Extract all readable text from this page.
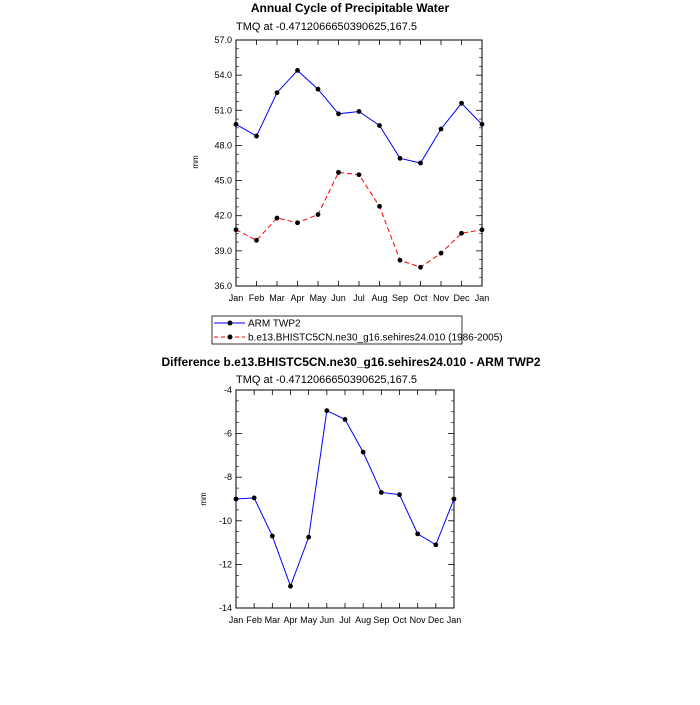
Annual Cycle of Precipitable Water
TMQ at -0.4712066650390625,167.5
mm
Jan Feb Mar Apr May Jun Jul Aug Sep Oct Nov Dec Jan
36.0
39.0
42.0
45.0
48.0
51.0
54.0
57.0
ARM TWP2
b.e13.BHISTC5CN.ne30_g16.sehires24.010 (1986-2005)
Difference b.e13.BHISTC5CN.ne30_g16.sehires24.010 - ARM TWP2
TMQ at -0.4712066650390625,167.5
mm
Jan Feb Mar Apr May Jun Jul Aug Sep Oct Nov Dec Jan
-14
-12
-10
-8
-6
-4
